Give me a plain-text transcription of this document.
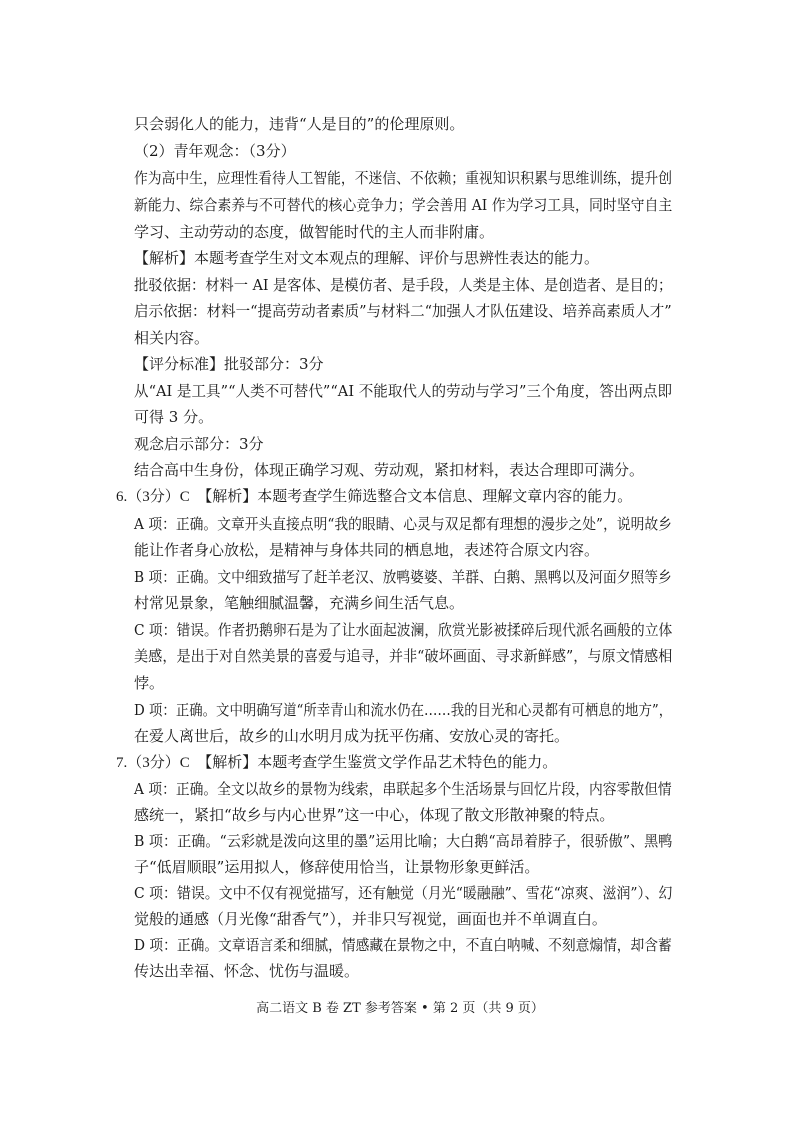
只会弱化人的能力，违背“人是目的”的伦理原则。
（2）青年观念：（3分）
作为高中生，应理性看待人工智能，不迷信、不依赖；重视知识积累与思维训练，提升创
新能力、综合素养与不可替代的核心竞争力；学会善用 AI 作为学习工具，同时坚守自主
学习、主动劳动的态度，做智能时代的主人而非附庸。
【解析】本题考查学生对文本观点的理解、评价与思辨性表达的能力。
批驳依据：材料一 AI 是客体、是模仿者、是手段，人类是主体、是创造者、是目的；
启示依据：材料一“提高劳动者素质”与材料二“加强人才队伍建设、培养高素质人才”
相关内容。
【评分标准】批驳部分：3分
从“AI 是工具”“人类不可替代”“AI 不能取代人的劳动与学习”三个角度，答出两点即
可得 3 分。
观念启示部分：3分
结合高中生身份，体现正确学习观、劳动观，紧扣材料，表达合理即可满分。
6.（3分）C　【解析】本题考查学生筛选整合文本信息、理解文章内容的能力。
A 项：正确。文章开头直接点明“我的眼睛、心灵与双足都有理想的漫步之处”，说明故乡
能让作者身心放松，是精神与身体共同的栖息地，表述符合原文内容。
B 项：正确。文中细致描写了赶羊老汉、放鸭婆婆、羊群、白鹅、黑鸭以及河面夕照等乡
村常见景象，笔触细腻温馨，充满乡间生活气息。
C 项：错误。作者扔鹅卵石是为了让水面起波澜，欣赏光影被揉碎后现代派名画般的立体
美感，是出于对自然美景的喜爱与追寻，并非“破坏画面、寻求新鲜感”，与原文情感相
悖。
D 项：正确。文中明确写道“所幸青山和流水仍在……我的目光和心灵都有可栖息的地方”，
在爱人离世后，故乡的山水明月成为抚平伤痛、安放心灵的寄托。
7.（3分）C　【解析】本题考查学生鉴赏文学作品艺术特色的能力。
A 项：正确。全文以故乡的景物为线索，串联起多个生活场景与回忆片段，内容零散但情
感统一，紧扣“故乡与内心世界”这一中心，体现了散文形散神聚的特点。
B 项：正确。“云彩就是泼向这里的墨”运用比喻；大白鹅“高昂着脖子，很骄傲”、黑鸭
子“低眉顺眼”运用拟人，修辞使用恰当，让景物形象更鲜活。
C 项：错误。文中不仅有视觉描写，还有触觉（月光“暖融融”、雪花“凉爽、滋润”）、幻
觉般的通感（月光像“甜香气”），并非只写视觉，画面也并不单调直白。
D 项：正确。文章语言柔和细腻，情感藏在景物之中，不直白呐喊、不刻意煽情，却含蓄
传达出幸福、怀念、忧伤与温暖。
高二语文 B 卷 ZT 参考答案 • 第 2 页（共 9 页）
